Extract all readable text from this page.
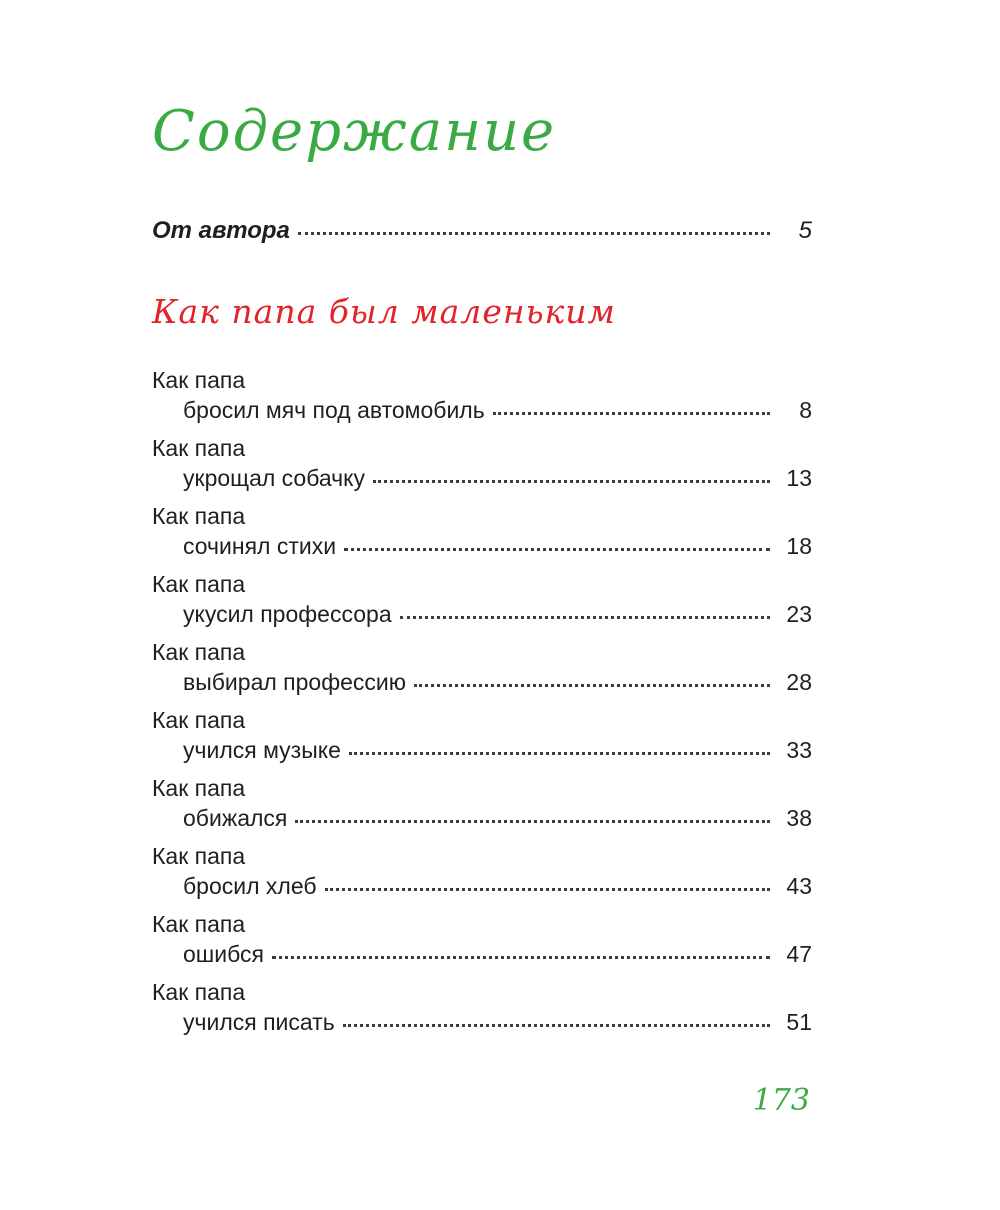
Содержание
От автора	5
Как папа был маленьким
Как папа
бросил мяч под автомобиль	8
Как папа
укрощал собачку	13
Как папа
сочинял стихи	18
Как папа
укусил профессора	23
Как папа
выбирал профессию	28
Как папа
учился музыке	33
Как папа
обижался	38
Как папа
бросил хлеб	43
Как папа
ошибся	47
Как папа
учился писать	51
173
